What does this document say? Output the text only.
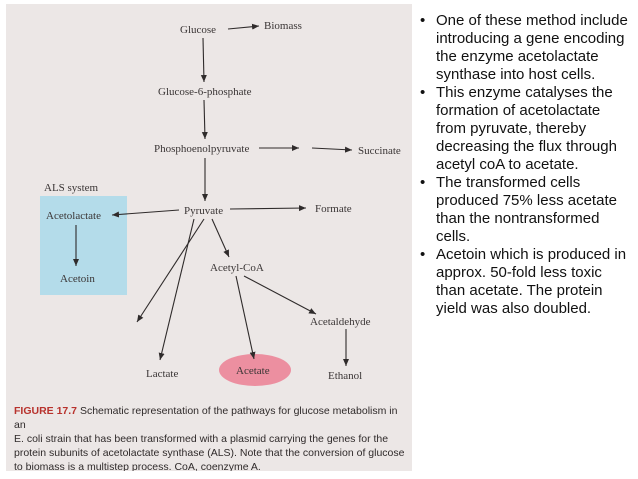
ALS system
Glucose	Biomass
Glucose-6-phosphate
Phosphoenolpyruvate	Succinate
Pyruvate	Formate
Acetolactate
Acetoin
Acetyl-CoA
Acetaldehyde
Lactate	Acetate	Ethanol
FIGURE 17.7 Schematic representation of the pathways for glucose metabolism in an
E. coli strain that has been transformed with a plasmid carrying the genes for the
protein subunits of acetolactate synthase (ALS). Note that the conversion of glucose
to biomass is a multistep process. CoA, coenzyme A.
• One of these method include introducing a gene encoding the enzyme acetolactate synthase into host cells.
• This enzyme catalyses the formation of acetolactate from pyruvate, thereby decreasing the flux through acetyl coA to acetate.
• The transformed cells produced 75% less acetate than the nontransformed cells.
• Acetoin which is produced in approx. 50-fold less toxic than acetate. The protein yield was also doubled.
